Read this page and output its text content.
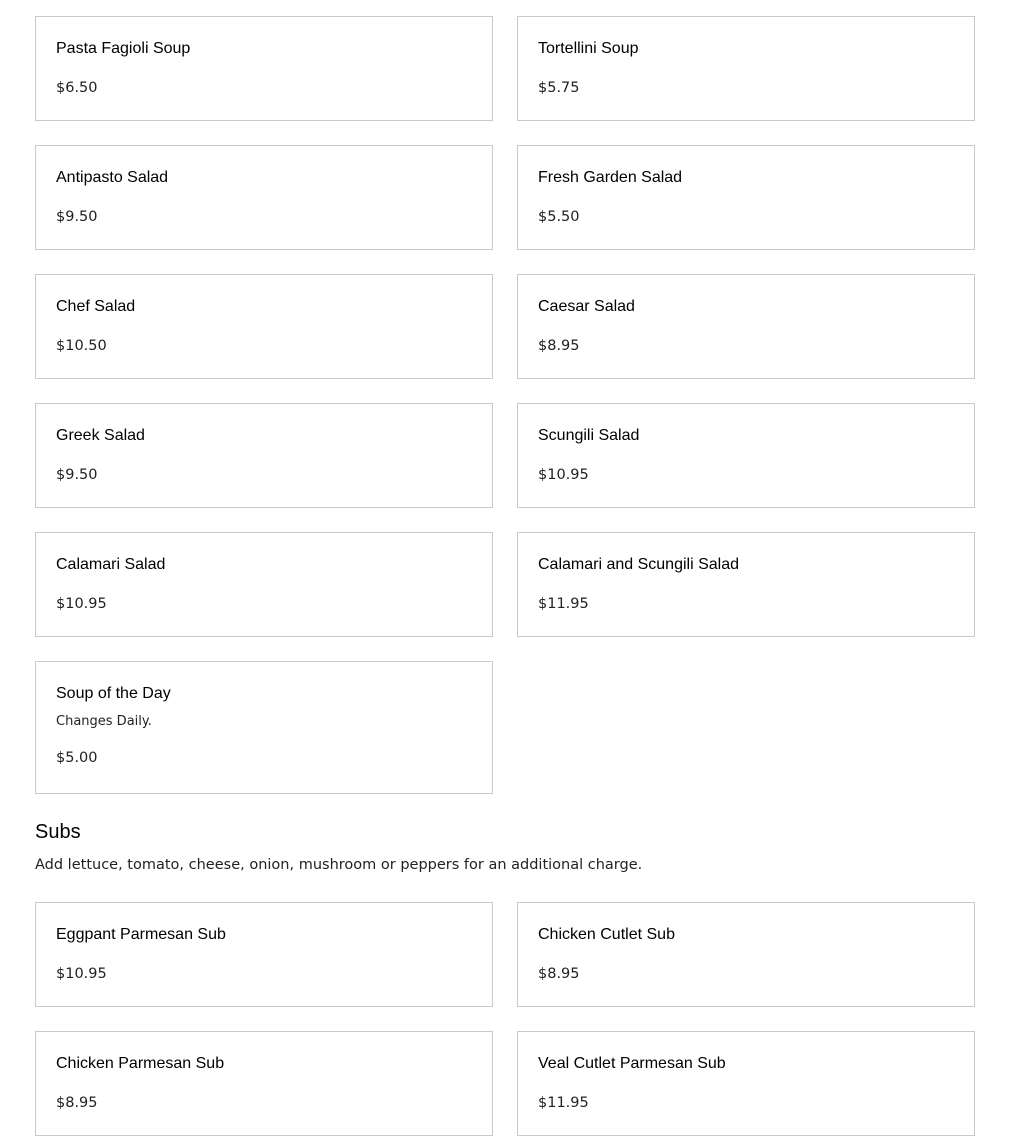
Pasta Fagioli Soup
$6.50
Tortellini Soup
$5.75
Antipasto Salad
$9.50
Fresh Garden Salad
$5.50
Chef Salad
$10.50
Caesar Salad
$8.95
Greek Salad
$9.50
Scungili Salad
$10.95
Calamari Salad
$10.95
Calamari and Scungili Salad
$11.95
Soup of the Day
Changes Daily.
$5.00
Subs

Add lettuce, tomato, cheese, onion, mushroom or peppers for an additional charge.

Eggpant Parmesan Sub
$10.95
Chicken Cutlet Sub
$8.95
Chicken Parmesan Sub
$8.95
Veal Cutlet Parmesan Sub
$11.95
